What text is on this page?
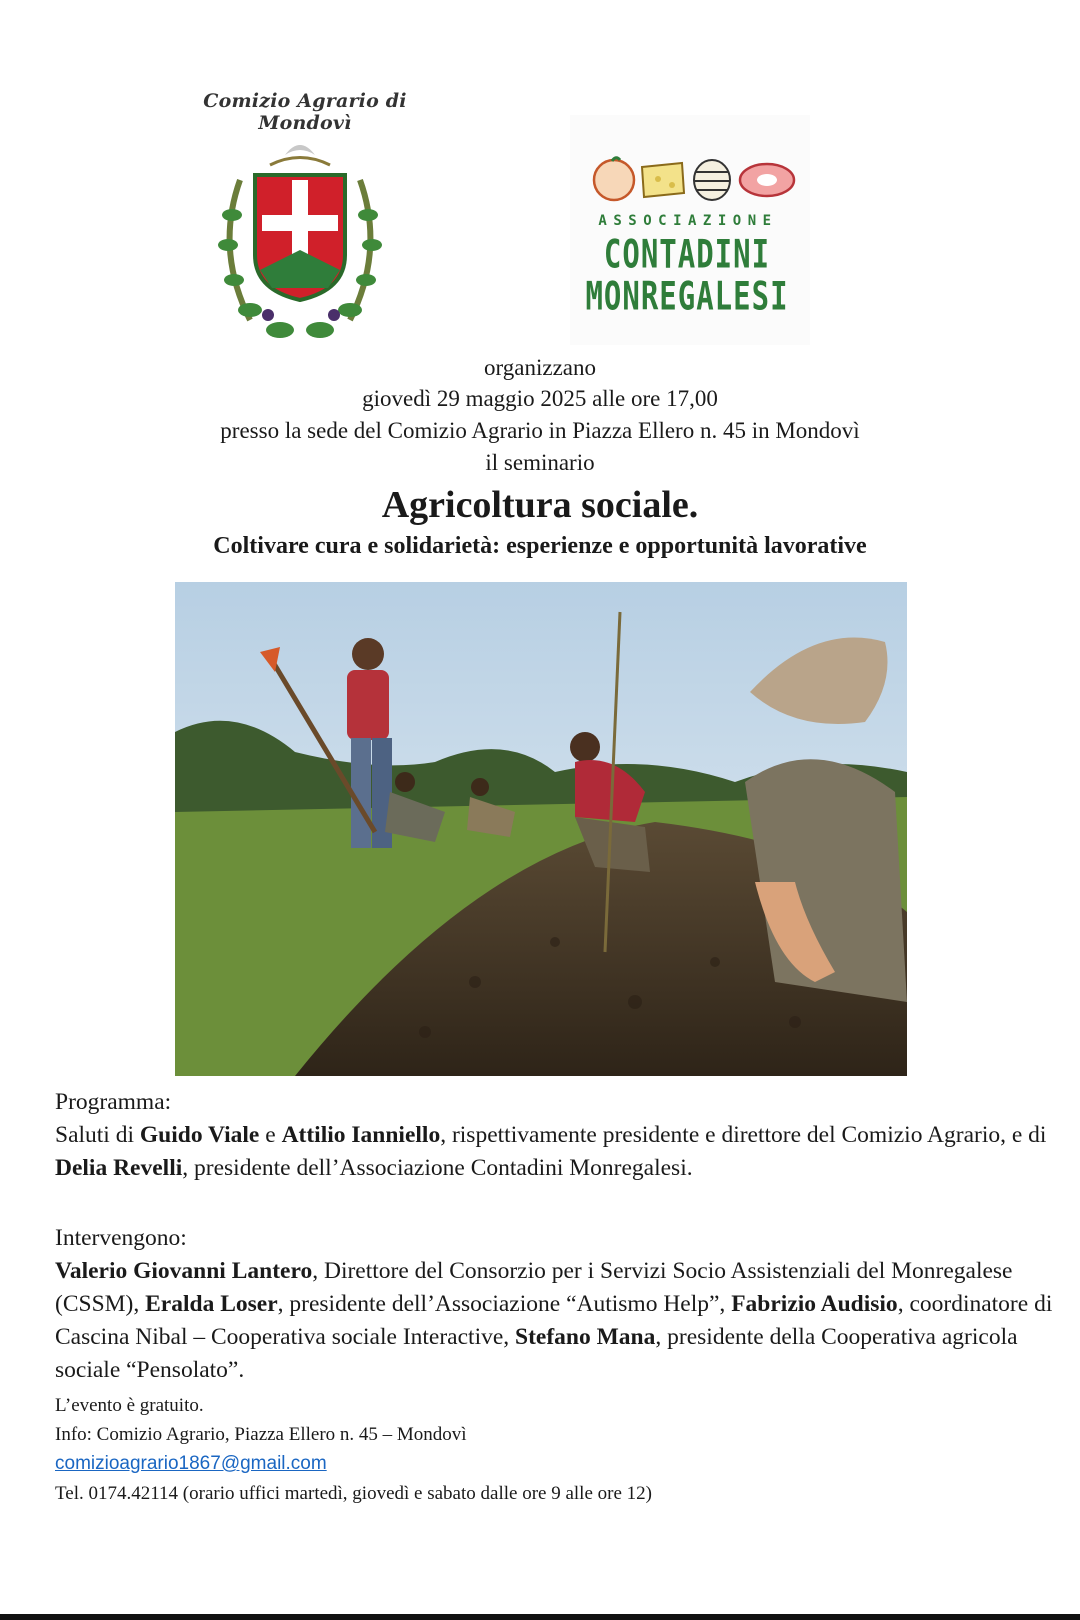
Comizio Agrario di Mondovì
ASSOCIAZIONE
CONTADINI
MONREGALESI
organizzano
giovedì 29 maggio 2025 alle ore 17,00
presso la sede del Comizio Agrario in Piazza Ellero n. 45 in Mondovì
il seminario
Agricoltura sociale.
Coltivare cura e solidarietà: esperienze e opportunità lavorative
Programma:
Saluti di Guido Viale e Attilio Ianniello, rispettivamente presidente e direttore del Comizio Agrario, e di Delia Revelli, presidente dell’Associazione Contadini Monregalesi.
Intervengono:
Valerio Giovanni Lantero, Direttore del Consorzio per i Servizi Socio Assistenziali del Monregalese (CSSM), Eralda Loser, presidente dell’Associazione “Autismo Help”, Fabrizio Audisio, coordinatore di Cascina Nibal – Cooperativa sociale Interactive, Stefano Mana, presidente della Cooperativa agricola sociale “Pensolato”.
L’evento è gratuito.
Info: Comizio Agrario, Piazza Ellero n. 45 – Mondovì
comizioagrario1867@gmail.com
Tel. 0174.42114 (orario uffici martedì, giovedì e sabato dalle ore 9 alle ore 12)
